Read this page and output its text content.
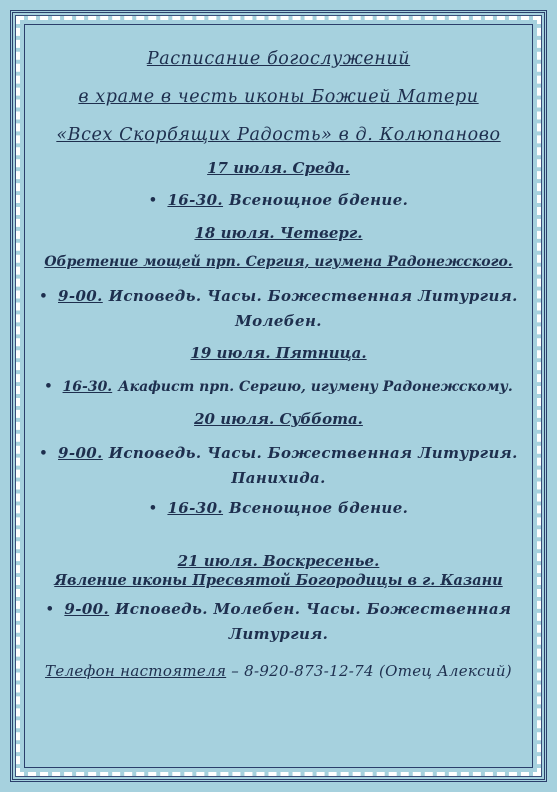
Расписание богослужений
в храме в честь иконы Божией Матери
«Всех Скорбящих Радость» в д. Колюпаново
17 июля. Среда.
• 16-30. Всенощное бдение.
18 июля. Четверг.
Обретение мощей прп. Сергия, игумена Радонежского.
• 9-00. Исповедь. Часы. Божественная Литургия. Молебен.
19 июля. Пятница.
• 16-30. Акафист прп. Сергию, игумену Радонежскому.
20 июля. Суббота.
• 9-00. Исповедь. Часы. Божественная Литургия. Панихида.
• 16-30. Всенощное бдение.
21 июля. Воскресенье.
Явление иконы Пресвятой Богородицы в г. Казани
• 9-00. Исповедь. Молебен. Часы. Божественная Литургия.
Телефон настоятеля – 8-920-873-12-74 (Отец Алексий)
